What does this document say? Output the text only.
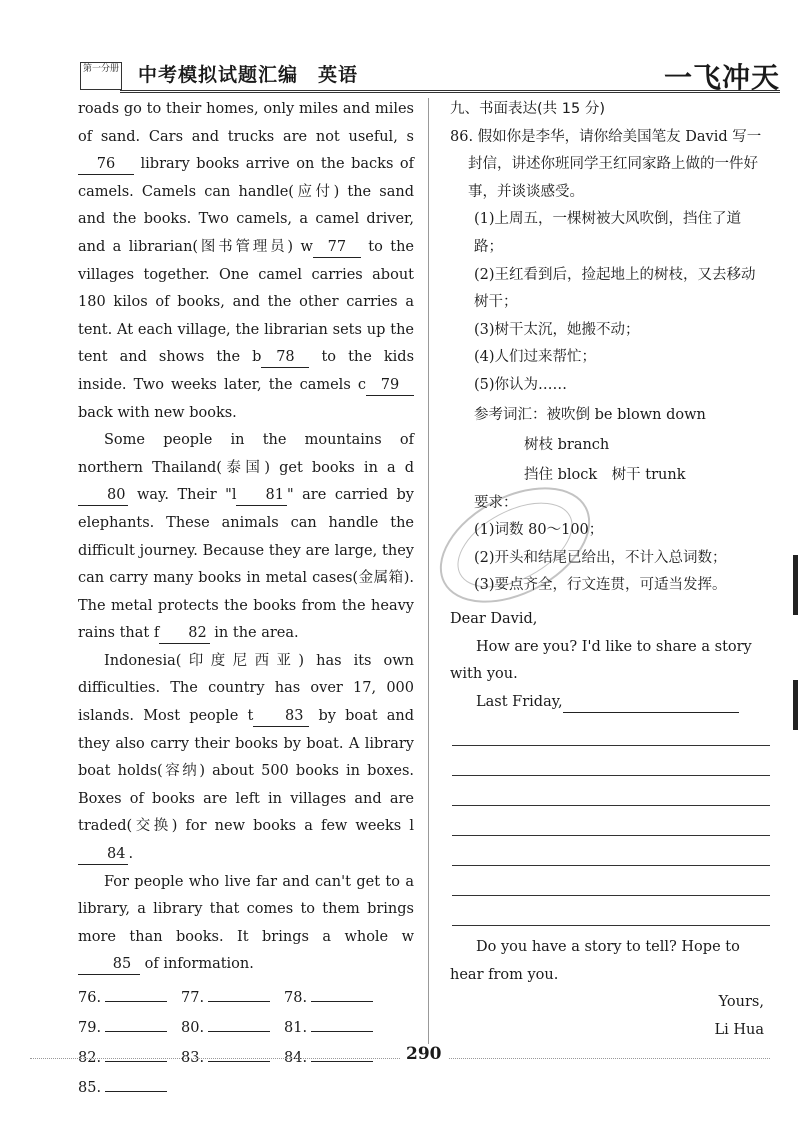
第一分册 中考模拟试题汇编　英语	一飞冲天

roads go to their homes, only miles and miles of sand. Cars and trucks are not useful, s76 library books arrive on the backs of camels. Camels can handle(应付) the sand and the books. Two camels, a camel driver, and a librarian(图书管理员) w 77 to the villages together. One camel carries about 180 kilos of books, and the other carries a tent. At each village, the librarian sets up the tent and shows the b 78 to the kids inside. Two weeks later, the camels c 79 back with new books.

Some people in the mountains of northern Thailand(泰国) get books in a d80 way. Their "l 81 " are carried by elephants. These animals can handle the difficult journey. Because they are large, they can carry many books in metal cases(金属箱). The metal protects the books from the heavy rains that f 82 in the area.

Indonesia(印度尼西亚) has its own difficulties. The country has over 17, 000 islands. Most people t 83 by boat and they also carry their books by boat. A library boat holds(容纳) about 500 books in boxes. Boxes of books are left in villages and are traded(交换) for new books a few weeks l84 .

For people who live far and can't get to a library, a library that comes to them brings more than books. It brings a whole w85 of information.

76.	77.	78.
79.	80.	81.
82.	83.	84.
85.

九、书面表达(共 15 分)

86. 假如你是李华，请你给美国笔友 David 写一封信，讲述你班同学王红同家路上做的一件好事，并谈谈感受。

(1)上周五，一棵树被大风吹倒，挡住了道路；

(2)王红看到后，捡起地上的树枝，又去移动树干；

(3)树干太沉，她搬不动；

(4)人们过来帮忙；

(5)你认为……

参考词汇：被吹倒 be blown down

树枝 branch

挡住 block　树干 trunk

要求：

(1)词数 80～100；

(2)开头和结尾已给出，不计入总词数；

(3)要点齐全，行文连贯，可适当发挥。

Dear David,

How are you? I'd like to share a story with you.

Last Friday,

Do you have a story to tell? Hope to hear from you.

Yours,

Li Hua

290
